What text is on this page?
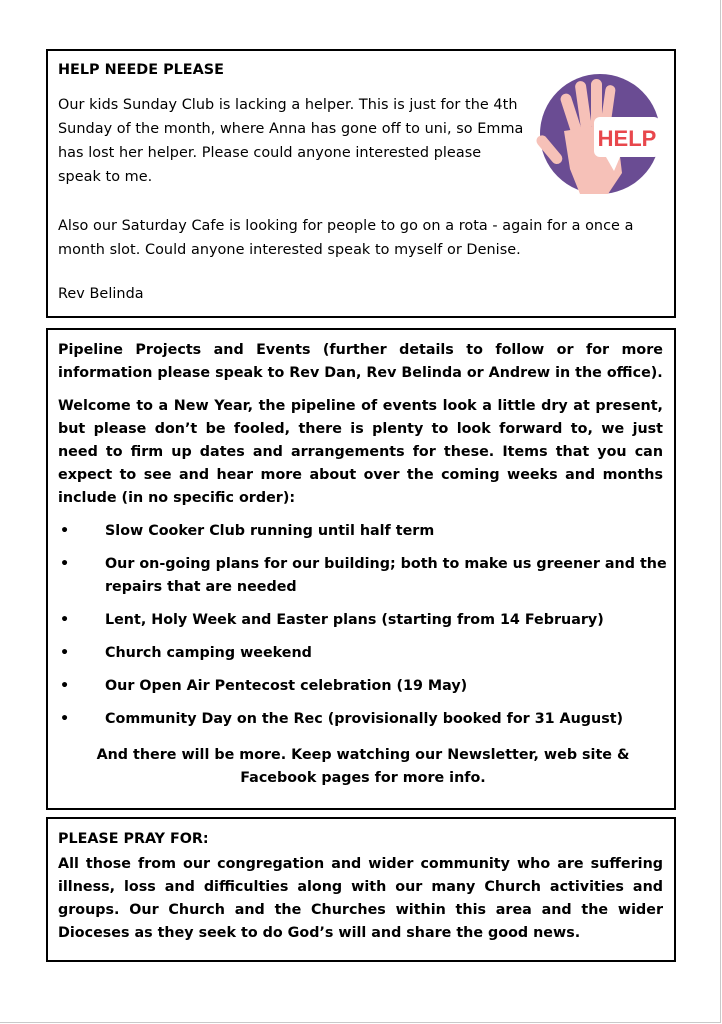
HELP NEEDE PLEASE
Our kids Sunday Club is lacking a helper. This is just for the 4th Sunday of the month, where Anna has gone off to uni, so Emma has lost her helper. Please could anyone interested please speak to me.
Also our Saturday Cafe is looking for people to go on a rota - again for a once a month slot. Could anyone interested speak to myself or Denise.
Rev Belinda
HELP
Pipeline Projects and Events (further details to follow or for more information please speak to Rev Dan, Rev Belinda or Andrew in the office).
Welcome to a New Year, the pipeline of events look a little dry at present, but please don’t be fooled, there is plenty to look forward to, we just need to firm up dates and arrangements for these. Items that you can expect to see and hear more about over the coming weeks and months include (in no specific order):
•	Slow Cooker Club running until half term
•	Our on-going plans for our building; both to make us greener and the repairs that are needed
•	Lent, Holy Week and Easter plans (starting from 14 February)
•	Church camping weekend
•	Our Open Air Pentecost celebration (19 May)
•	Community Day on the Rec (provisionally booked for 31 August)
And there will be more. Keep watching our Newsletter, web site & Facebook pages for more info.
PLEASE PRAY FOR:
All those from our congregation and wider community who are suffering illness, loss and difficulties along with our many Church activities and groups. Our Church and the Churches within this area and the wider Dioceses as they seek to do God’s will and share the good news.
